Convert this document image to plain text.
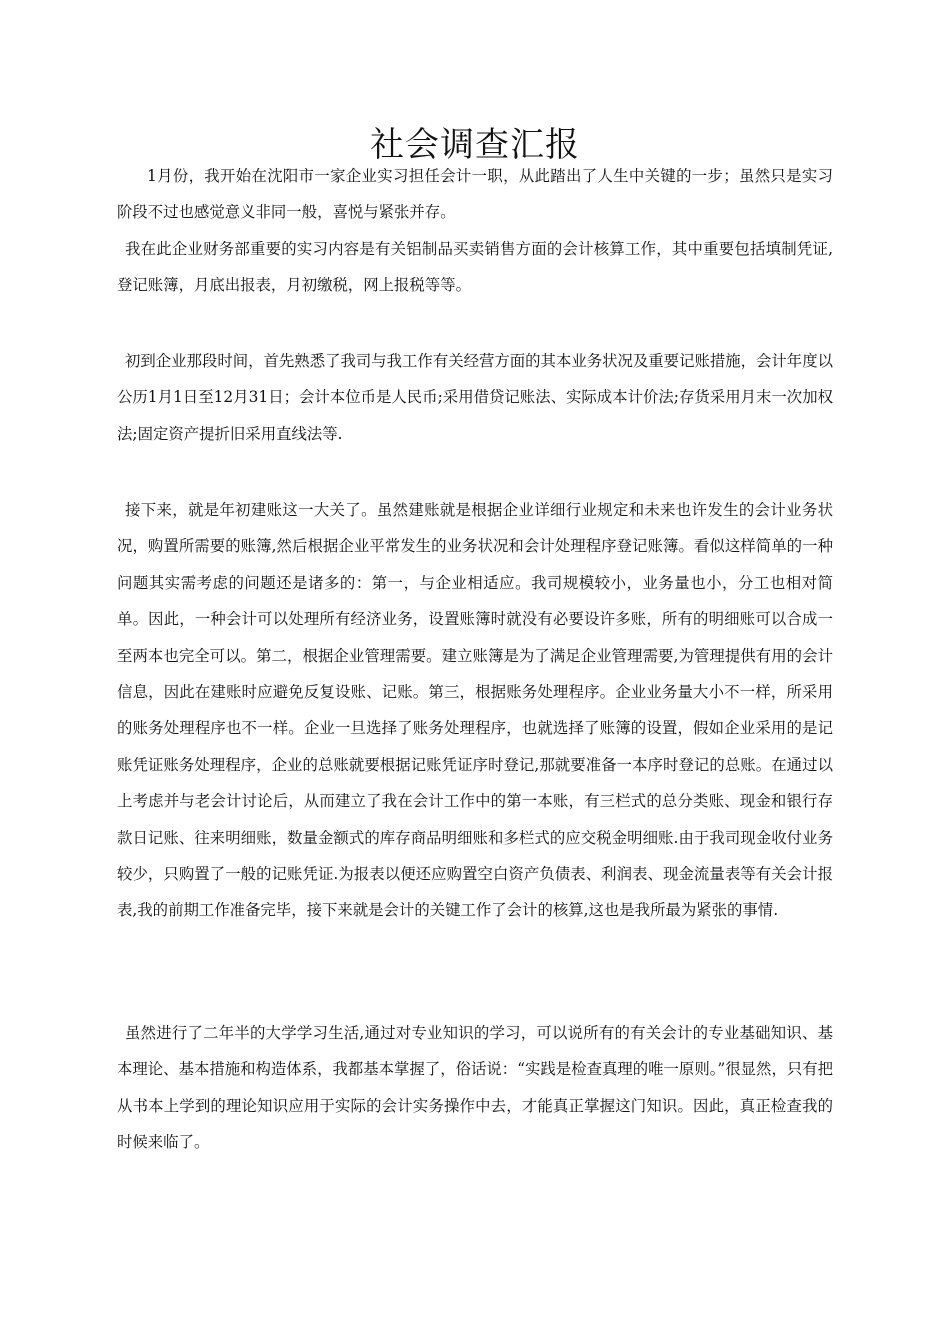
社会调查汇报

1月份，我开始在沈阳市一家企业实习担任会计一职，从此踏出了人生中关键的一步；虽然只是实习阶段不过也感觉意义非同一般，喜悦与紧张并存。

我在此企业财务部重要的实习内容是有关铝制品买卖销售方面的会计核算工作，其中重要包括填制凭证,登记账簿，月底出报表，月初缴税，网上报税等等。

初到企业那段时间，首先熟悉了我司与我工作有关经营方面的其本业务状况及重要记账措施，会计年度以公历1月1日至12月31日；会计本位币是人民币;采用借贷记账法、实际成本计价法;存货采用月末一次加权法;固定资产提折旧采用直线法等.

接下来，就是年初建账这一大关了。虽然建账就是根据企业详细行业规定和未来也许发生的会计业务状况，购置所需要的账簿,然后根据企业平常发生的业务状况和会计处理程序登记账簿。看似这样简单的一种问题其实需考虑的问题还是诸多的：第一，与企业相适应。我司规模较小，业务量也小，分工也相对简单。因此，一种会计可以处理所有经济业务，设置账簿时就没有必要设许多账，所有的明细账可以合成一至两本也完全可以。第二，根据企业管理需要。建立账簿是为了满足企业管理需要,为管理提供有用的会计信息，因此在建账时应避免反复设账、记账。第三，根据账务处理程序。企业业务量大小不一样，所采用的账务处理程序也不一样。企业一旦选择了账务处理程序，也就选择了账簿的设置，假如企业采用的是记账凭证账务处理程序，企业的总账就要根据记账凭证序时登记,那就要准备一本序时登记的总账。在通过以上考虑并与老会计讨论后，从而建立了我在会计工作中的第一本账，有三栏式的总分类账、现金和银行存款日记账、往来明细账，数量金额式的库存商品明细账和多栏式的应交税金明细账.由于我司现金收付业务较少，只购置了一般的记账凭证.为报表以便还应购置空白资产负债表、利润表、现金流量表等有关会计报表,我的前期工作准备完毕，接下来就是会计的关键工作了会计的核算,这也是我所最为紧张的事情.

虽然进行了二年半的大学学习生活,通过对专业知识的学习，可以说所有的有关会计的专业基础知识、基本理论、基本措施和构造体系，我都基本掌握了，俗话说：“实践是检查真理的唯一原则。”很显然，只有把从书本上学到的理论知识应用于实际的会计实务操作中去，才能真正掌握这门知识。因此，真正检查我的时候来临了。
